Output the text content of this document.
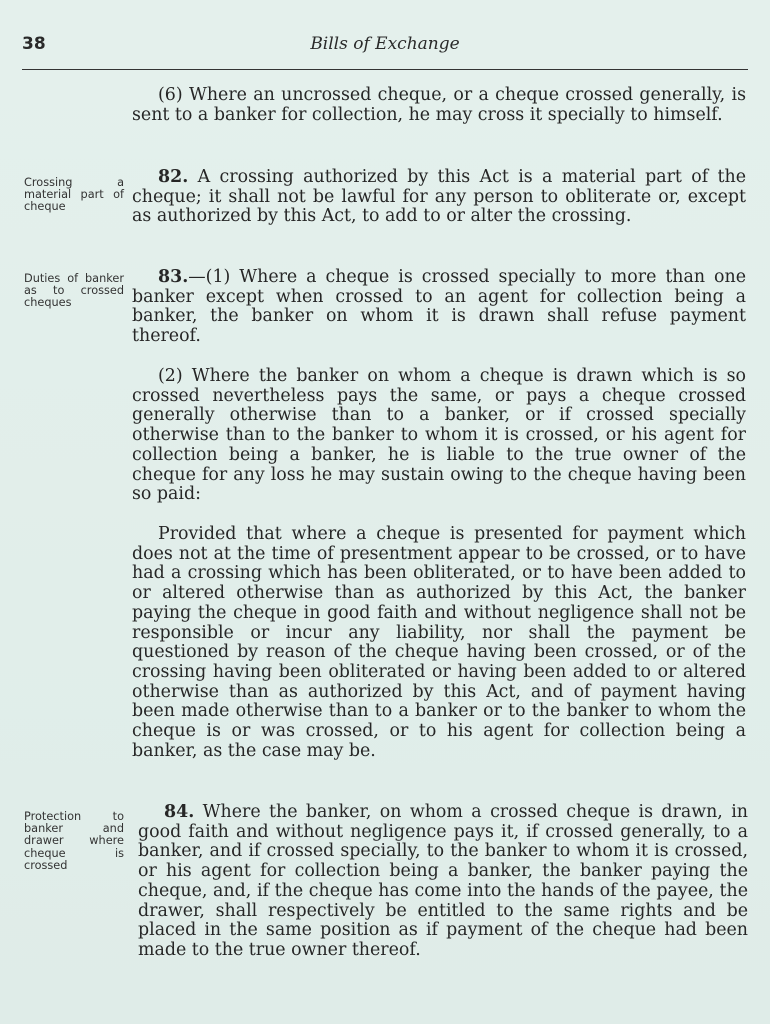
38	Bills of Exchange

(6) Where an uncrossed cheque, or a cheque crossed generally, is sent to a banker for collection, he may cross it specially to himself.

Crossing a material part of cheque

82. A crossing authorized by this Act is a material part of the cheque; it shall not be lawful for any person to obliterate or, except as authorized by this Act, to add to or alter the crossing.

Duties of banker as to crossed cheques

83.—(1) Where a cheque is crossed specially to more than one banker except when crossed to an agent for collection being a banker, the banker on whom it is drawn shall refuse payment thereof.

(2) Where the banker on whom a cheque is drawn which is so crossed nevertheless pays the same, or pays a cheque crossed generally otherwise than to a banker, or if crossed specially otherwise than to the banker to whom it is crossed, or his agent for collection being a banker, he is liable to the true owner of the cheque for any loss he may sustain owing to the cheque having been so paid:

Provided that where a cheque is presented for payment which does not at the time of presentment appear to be crossed, or to have had a crossing which has been obliterated, or to have been added to or altered otherwise than as authorized by this Act, the banker paying the cheque in good faith and without negligence shall not be responsible or incur any liability, nor shall the payment be questioned by reason of the cheque having been crossed, or of the crossing having been obliterated or having been added to or altered otherwise than as authorized by this Act, and of payment having been made otherwise than to a banker or to the banker to whom the cheque is or was crossed, or to his agent for collection being a banker, as the case may be.

Protection to banker and drawer where cheque is crossed

84. Where the banker, on whom a crossed cheque is drawn, in good faith and without negligence pays it, if crossed generally, to a banker, and if crossed specially, to the banker to whom it is crossed, or his agent for collection being a banker, the banker paying the cheque, and, if the cheque has come into the hands of the payee, the drawer, shall respectively be entitled to the same rights and be placed in the same position as if payment of the cheque had been made to the true owner thereof.
